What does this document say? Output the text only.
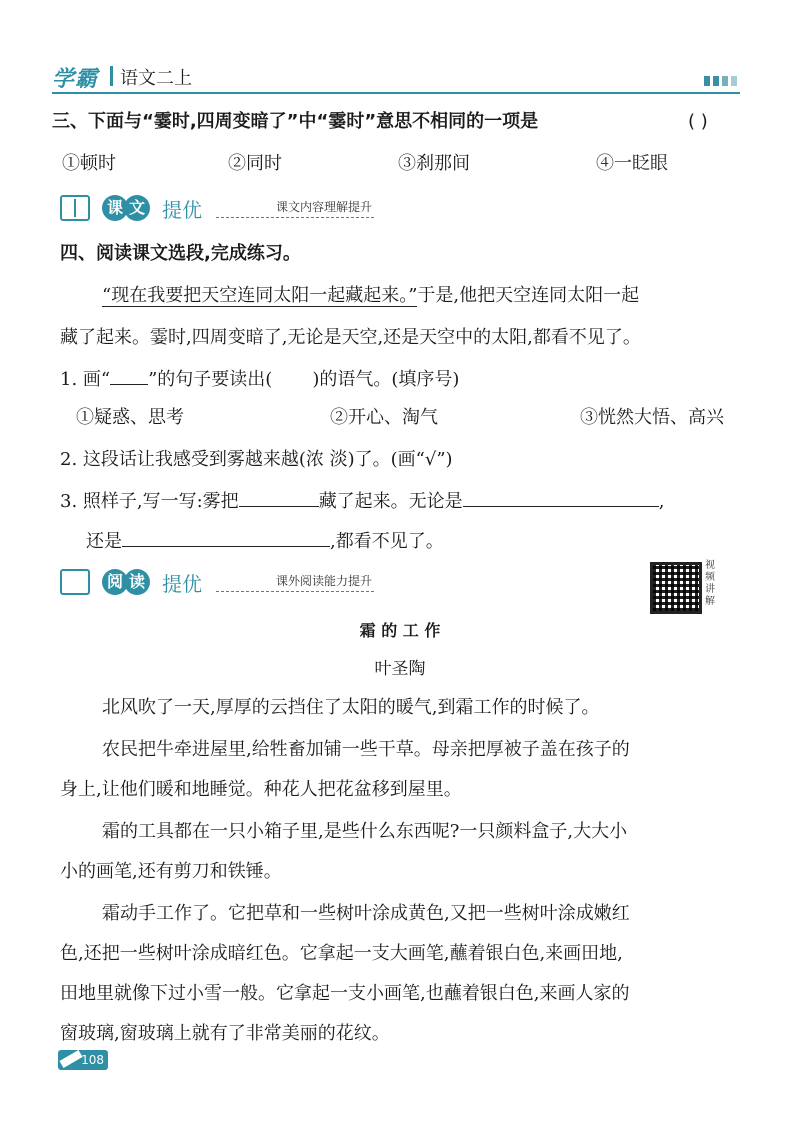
学霸 语文二上
三、下面与“霎时,四周变暗了”中“霎时”意思不相同的一项是	( )
①顿时	②同时	③刹那间	④一眨眼
课 文 提优	课文内容理解提升
四、阅读课文选段,完成练习。
“现在我要把天空连同太阳一起藏起来。”于是,他把天空连同太阳一起
藏了起来。霎时,四周变暗了,无论是天空,还是天空中的太阳,都看不见了。
1. 画“ ”的句子要读出( )的语气。(填序号)
①疑惑、思考	②开心、淘气	③恍然大悟、高兴
2. 这段话让我感受到雾越来越(浓 淡)了。(画“√”)
3. 照样子,写一写:雾把	藏了起来。无论是	,
还是	,都看不见了。
阅 读 提优	课外阅读能力提升
视频讲解
霜 的 工 作
叶圣陶
北风吹了一天,厚厚的云挡住了太阳的暖气,到霜工作的时候了。
农民把牛牵进屋里,给牲畜加铺一些干草。母亲把厚被子盖在孩子的
身上,让他们暖和地睡觉。种花人把花盆移到屋里。
霜的工具都在一只小箱子里,是些什么东西呢?一只颜料盒子,大大小
小的画笔,还有剪刀和铁锤。
霜动手工作了。它把草和一些树叶涂成黄色,又把一些树叶涂成嫩红
色,还把一些树叶涂成暗红色。它拿起一支大画笔,蘸着银白色,来画田地,
田地里就像下过小雪一般。它拿起一支小画笔,也蘸着银白色,来画人家的
窗玻璃,窗玻璃上就有了非常美丽的花纹。
108
